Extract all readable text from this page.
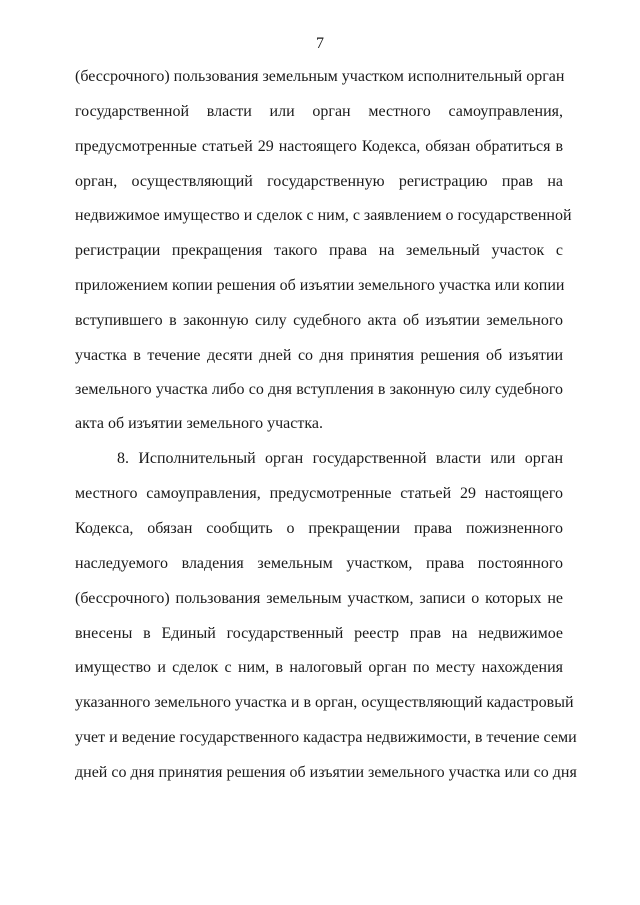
7
(бессрочного) пользования земельным участком исполнительный орган
государственной власти или орган местного самоуправления,
предусмотренные статьей 29 настоящего Кодекса, обязан обратиться в
орган, осуществляющий государственную регистрацию прав на
недвижимое имущество и сделок с ним, с заявлением о государственной
регистрации прекращения такого права на земельный участок с
приложением копии решения об изъятии земельного участка или копии
вступившего в законную силу судебного акта об изъятии земельного
участка в течение десяти дней со дня принятия решения об изъятии
земельного участка либо со дня вступления в законную силу судебного
акта об изъятии земельного участка.
8. Исполнительный орган государственной власти или орган
местного самоуправления, предусмотренные статьей 29 настоящего
Кодекса, обязан сообщить о прекращении права пожизненного
наследуемого владения земельным участком, права постоянного
(бессрочного) пользования земельным участком, записи о которых не
внесены в Единый государственный реестр прав на недвижимое
имущество и сделок с ним, в налоговый орган по месту нахождения
указанного земельного участка и в орган, осуществляющий кадастровый
учет и ведение государственного кадастра недвижимости, в течение семи
дней со дня принятия решения об изъятии земельного участка или со дня
